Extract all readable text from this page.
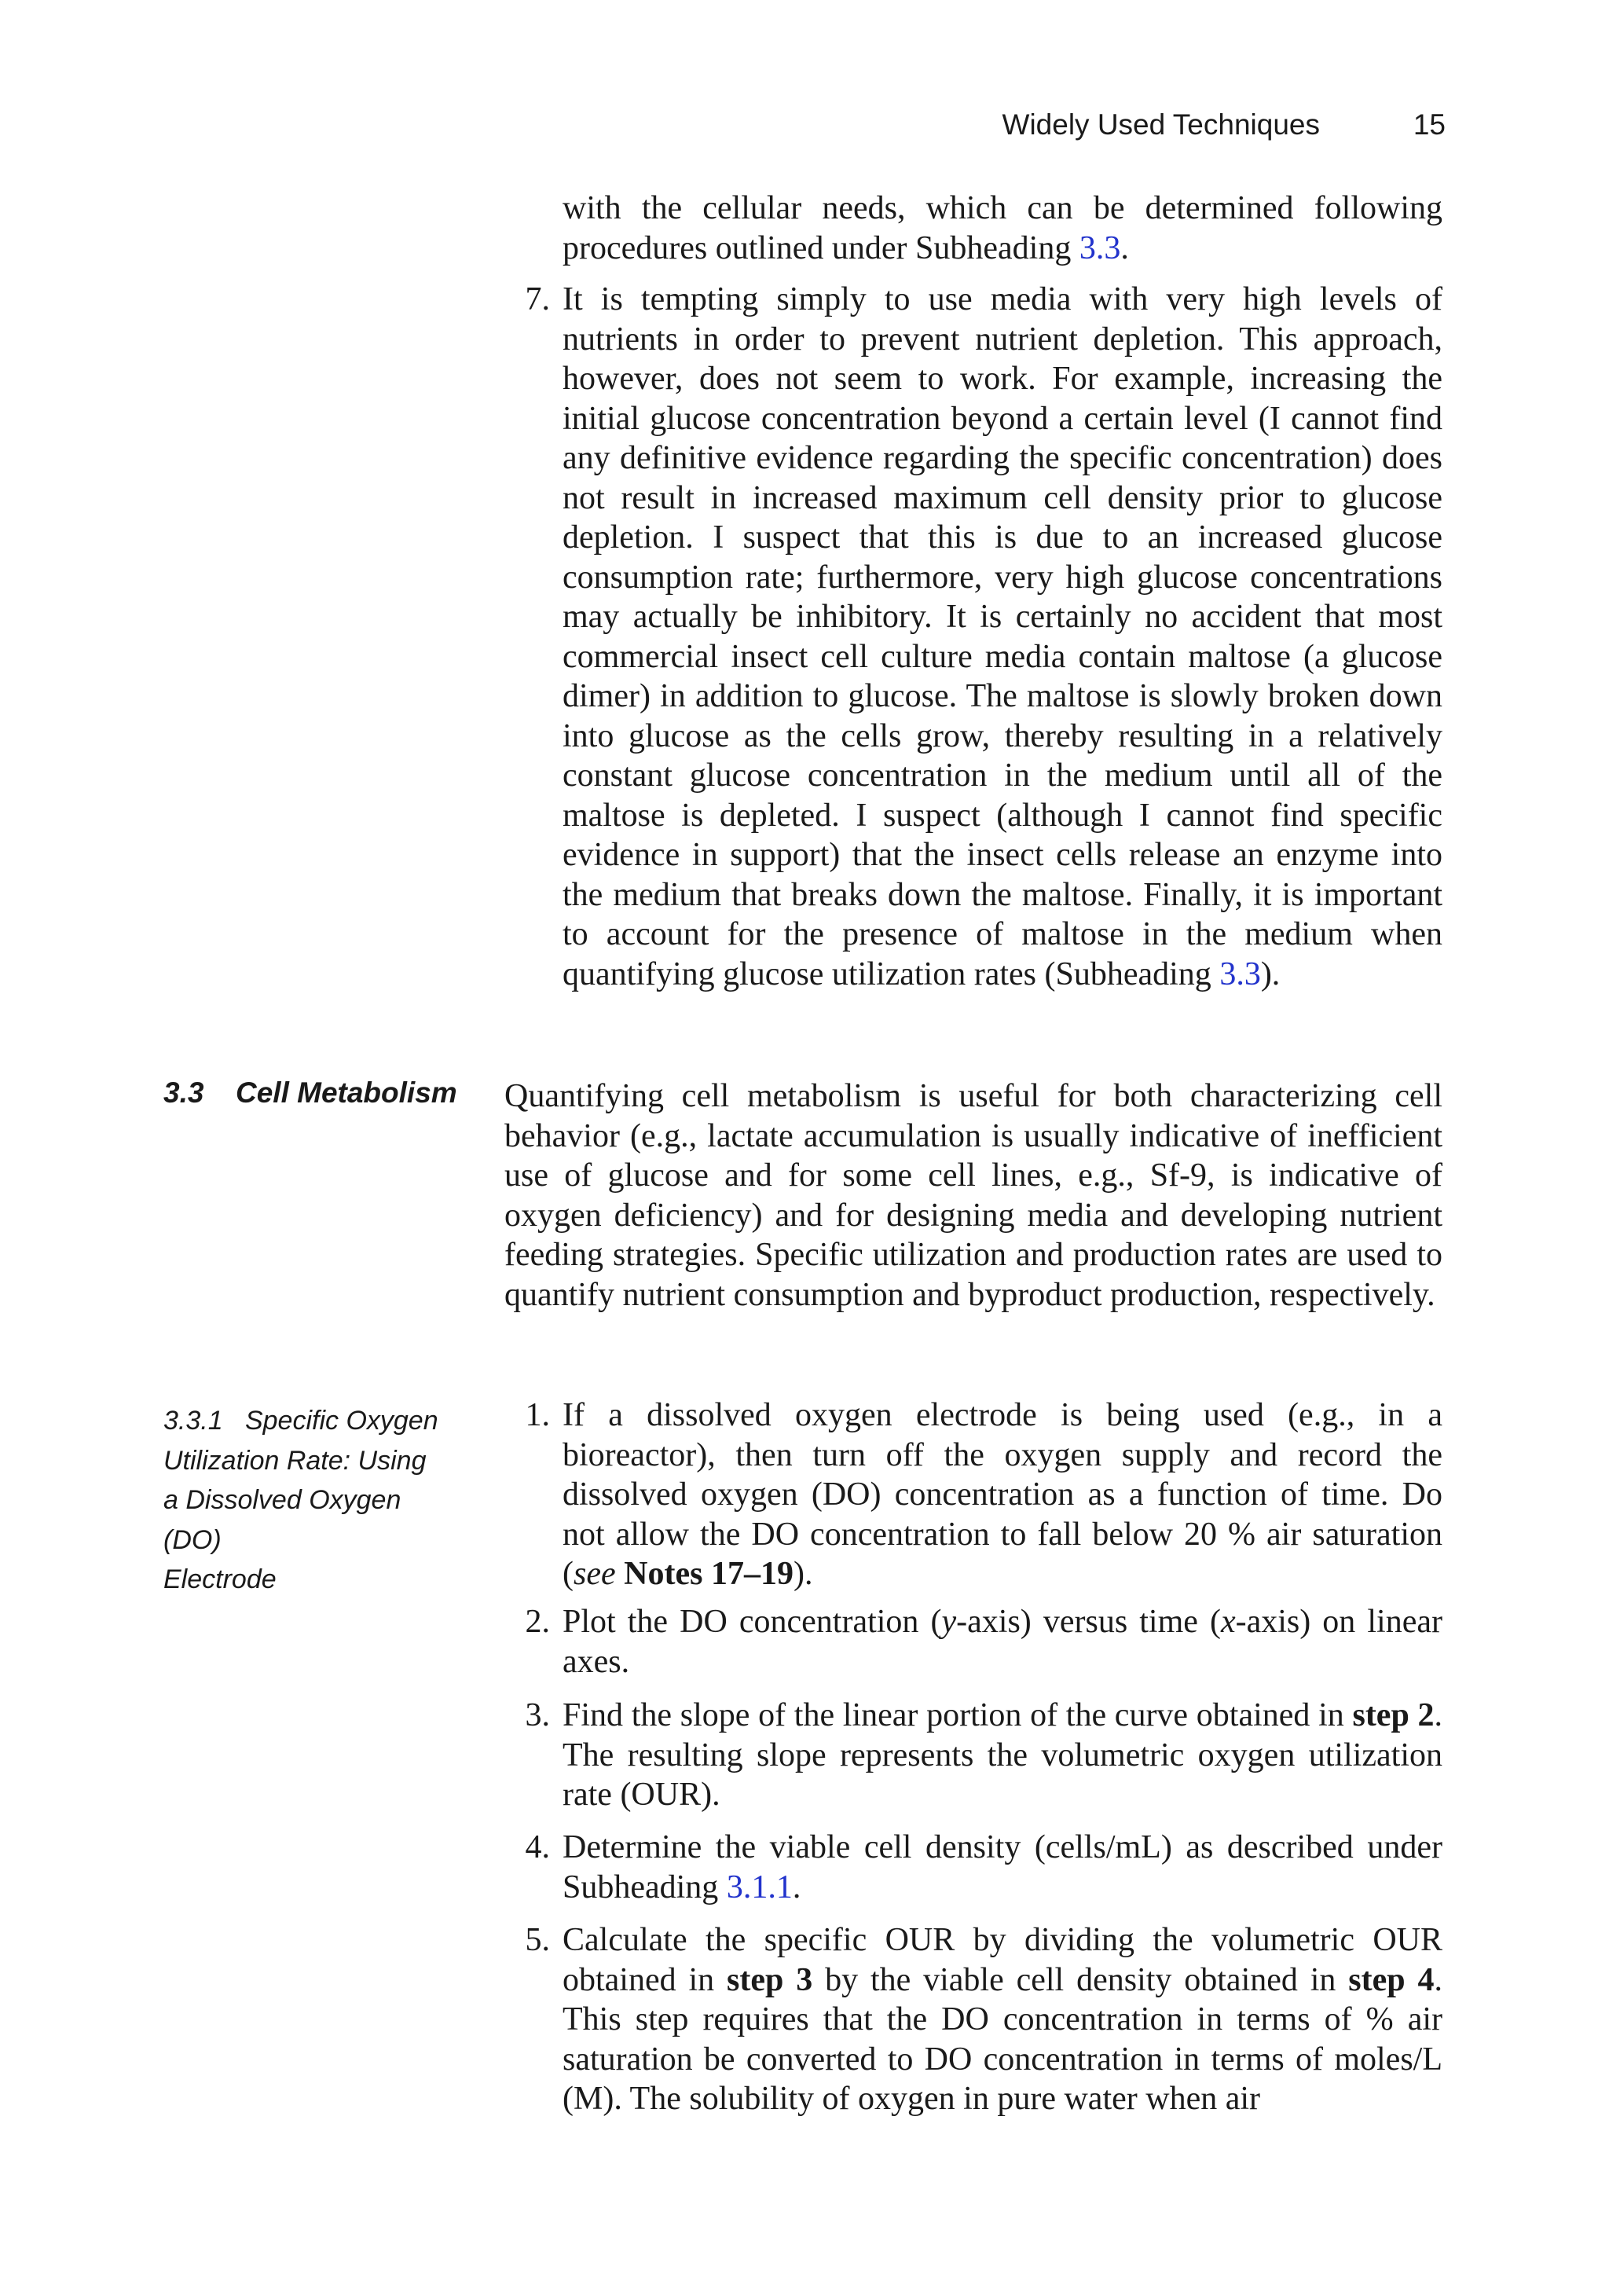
Widely Used Techniques	15
with the cellular needs, which can be determined following procedures outlined under Subheading 3.3.
7. It is tempting simply to use media with very high levels of nutrients in order to prevent nutrient depletion. This approach, however, does not seem to work. For example, increasing the initial glucose concentration beyond a certain level (I cannot find any definitive evidence regarding the specific concentration) does not result in increased maximum cell density prior to glucose depletion. I suspect that this is due to an increased glucose consumption rate; furthermore, very high glucose concentrations may actually be inhibitory. It is certainly no accident that most commercial insect cell culture media contain maltose (a glucose dimer) in addition to glucose. The maltose is slowly broken down into glucose as the cells grow, thereby resulting in a relatively constant glucose concentration in the medium until all of the maltose is depleted. I suspect (although I cannot find specific evidence in support) that the insect cells release an enzyme into the medium that breaks down the maltose. Finally, it is important to account for the presence of maltose in the medium when quantifying glucose utilization rates (Subheading 3.3).
3.3 Cell Metabolism Quantifying cell metabolism is useful for both characterizing cell behavior (e.g., lactate accumulation is usually indicative of inefficient use of glucose and for some cell lines, e.g., Sf-9, is indicative of oxygen deficiency) and for designing media and developing nutrient feeding strategies. Specific utilization and production rates are used to quantify nutrient consumption and byproduct production, respectively.
3.3.1   Specific Oxygen
Utilization Rate: Using
a Dissolved Oxygen (DO)
Electrode
1. If a dissolved oxygen electrode is being used (e.g., in a bioreactor), then turn off the oxygen supply and record the dissolved oxygen (DO) concentration as a function of time. Do not allow the DO concentration to fall below 20 % air saturation (see Notes 17–19).
2. Plot the DO concentration (y-axis) versus time (x-axis) on linear axes.
3. Find the slope of the linear portion of the curve obtained in step 2. The resulting slope represents the volumetric oxygen utilization rate (OUR).
4. Determine the viable cell density (cells/mL) as described under Subheading 3.1.1.
5. Calculate the specific OUR by dividing the volumetric OUR obtained in step 3 by the viable cell density obtained in step 4. This step requires that the DO concentration in terms of % air saturation be converted to DO concentration in terms of moles/L (M). The solubility of oxygen in pure water when air
